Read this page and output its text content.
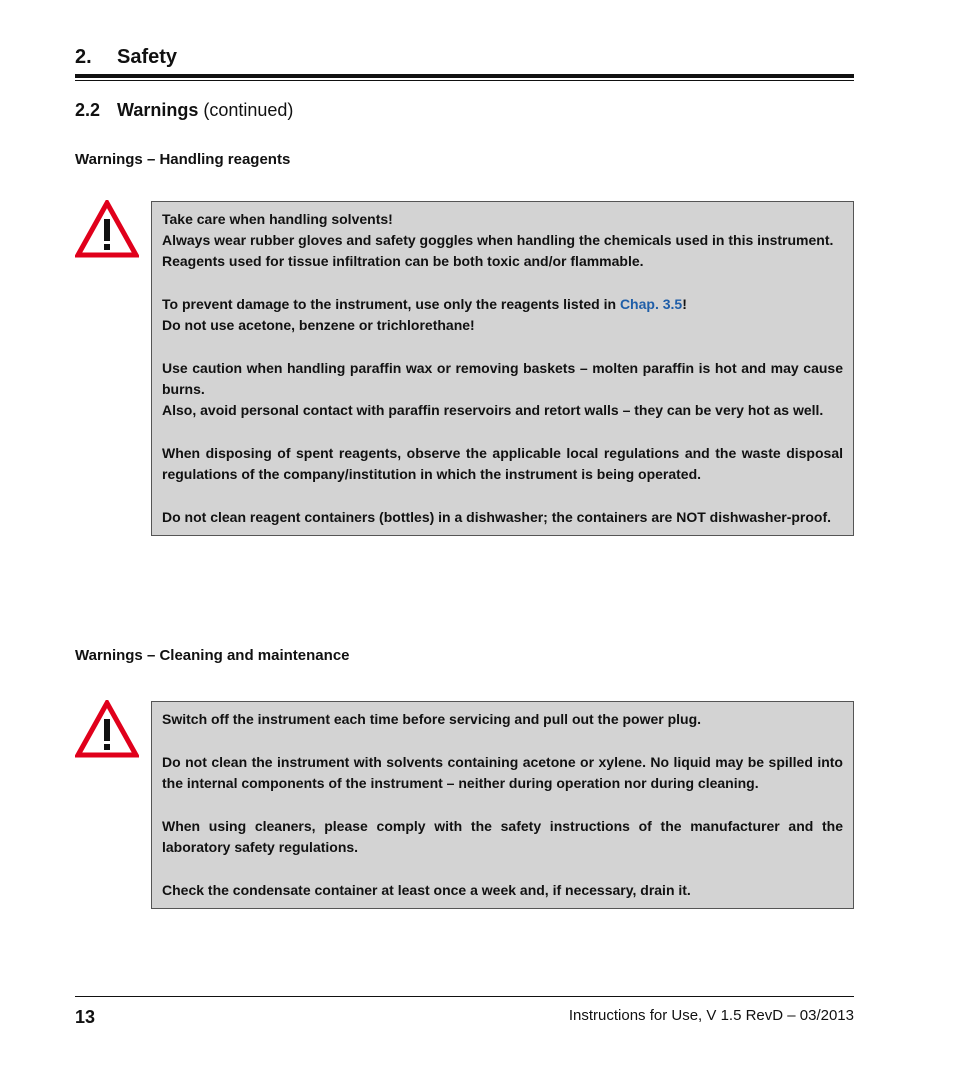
2. Safety
2.2 Warnings (continued)
Warnings – Handling reagents

Take care when handling solvents!

Always wear rubber gloves and safety goggles when handling the chemicals used in this instrument.

Reagents used for tissue infiltration can be both toxic and/or flammable.

To prevent damage to the instrument, use only the reagents listed in Chap. 3.5!

Do not use acetone, benzene or trichlorethane!

Use caution when handling paraffin wax or removing baskets – molten paraffin is hot and may cause burns.

Also, avoid personal contact with paraffin reservoirs and retort walls – they can be very hot as well.

When disposing of spent reagents, observe the applicable local regulations and the waste disposal regulations of the company/institution in which the instrument is being operated.

Do not clean reagent containers (bottles) in a dishwasher; the containers are NOT dishwasher-proof.

Warnings – Cleaning and maintenance

Switch off the instrument each time before servicing and pull out the power plug.

Do not clean the instrument with solvents containing acetone or xylene. No liquid may be spilled into the internal components of the instrument – neither during operation nor during cleaning.

When using cleaners, please comply with the safety instructions of the manufacturer and the laboratory safety regulations.

Check the condensate container at least once a week and, if necessary, drain it.

13	Instructions for Use, V 1.5 RevD – 03/2013
